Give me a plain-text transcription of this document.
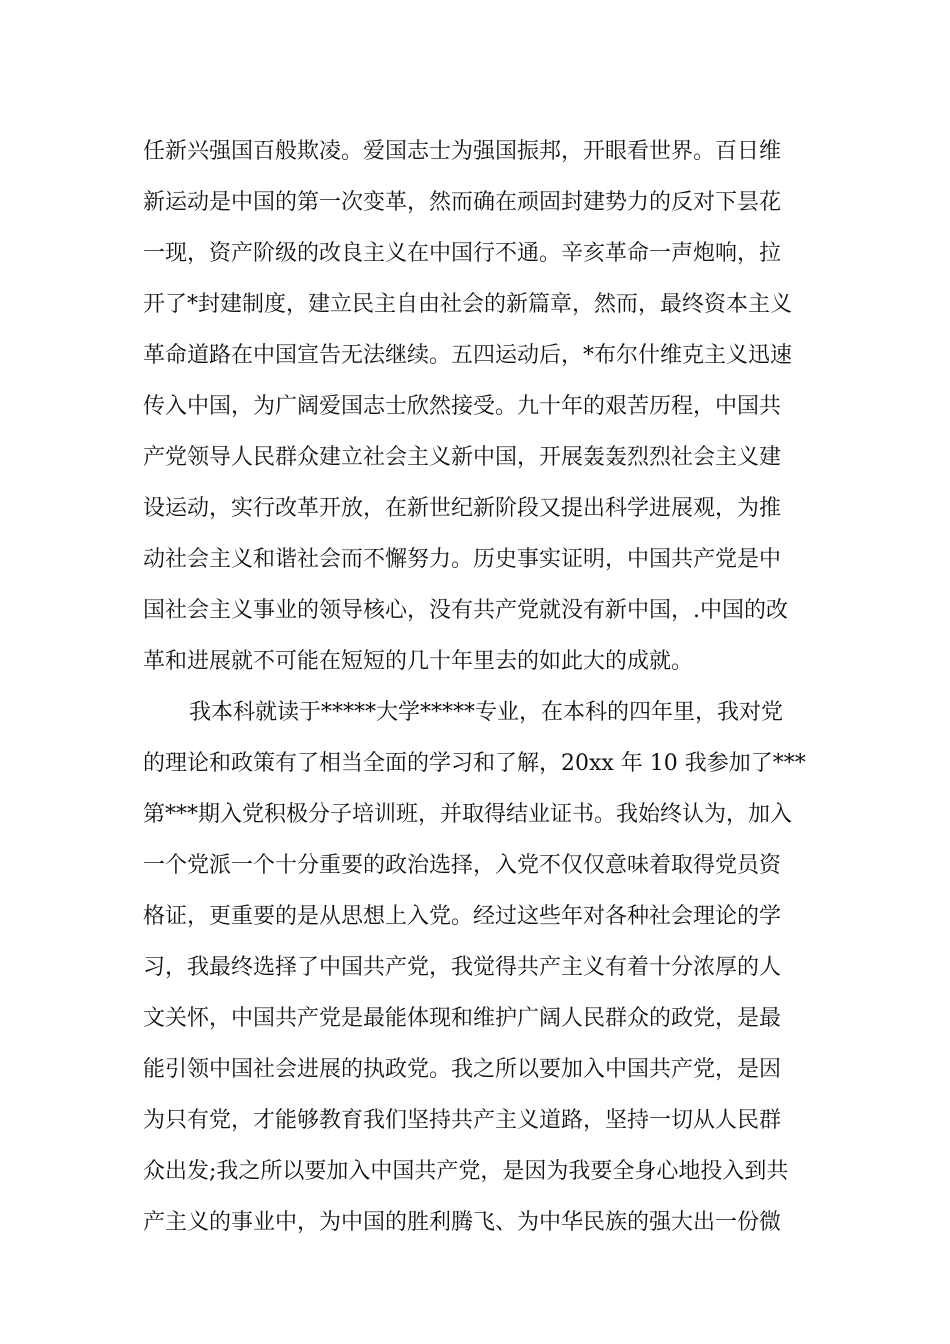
任新兴强国百般欺凌。爱国志士为强国振邦，开眼看世界。百日维
新运动是中国的第一次变革，然而确在顽固封建势力的反对下昙花
一现，资产阶级的改良主义在中国行不通。辛亥革命一声炮响，拉
开了*封建制度，建立民主自由社会的新篇章，然而，最终资本主义
革命道路在中国宣告无法继续。五四运动后，*布尔什维克主义迅速
传入中国，为广阔爱国志士欣然接受。九十年的艰苦历程，中国共
产党领导人民群众建立社会主义新中国，开展轰轰烈烈社会主义建
设运动，实行改革开放，在新世纪新阶段又提出科学进展观，为推
动社会主义和谐社会而不懈努力。历史事实证明，中国共产党是中
国社会主义事业的领导核心，没有共产党就没有新中国，.中国的改
革和进展就不可能在短短的几十年里去的如此大的成就。
我本科就读于*****大学*****专业，在本科的四年里，我对党
的理论和政策有了相当全面的学习和了解，20xx 年 10 我参加了***
第***期入党积极分子培训班，并取得结业证书。我始终认为，加入
一个党派一个十分重要的政治选择，入党不仅仅意味着取得党员资
格证，更重要的是从思想上入党。经过这些年对各种社会理论的学
习，我最终选择了中国共产党，我觉得共产主义有着十分浓厚的人
文关怀，中国共产党是最能体现和维护广阔人民群众的政党，是最
能引领中国社会进展的执政党。我之所以要加入中国共产党，是因
为只有党，才能够教育我们坚持共产主义道路，坚持一切从人民群
众出发;我之所以要加入中国共产党，是因为我要全身心地投入到共
产主义的事业中，为中国的胜利腾飞、为中华民族的强大出一份微
